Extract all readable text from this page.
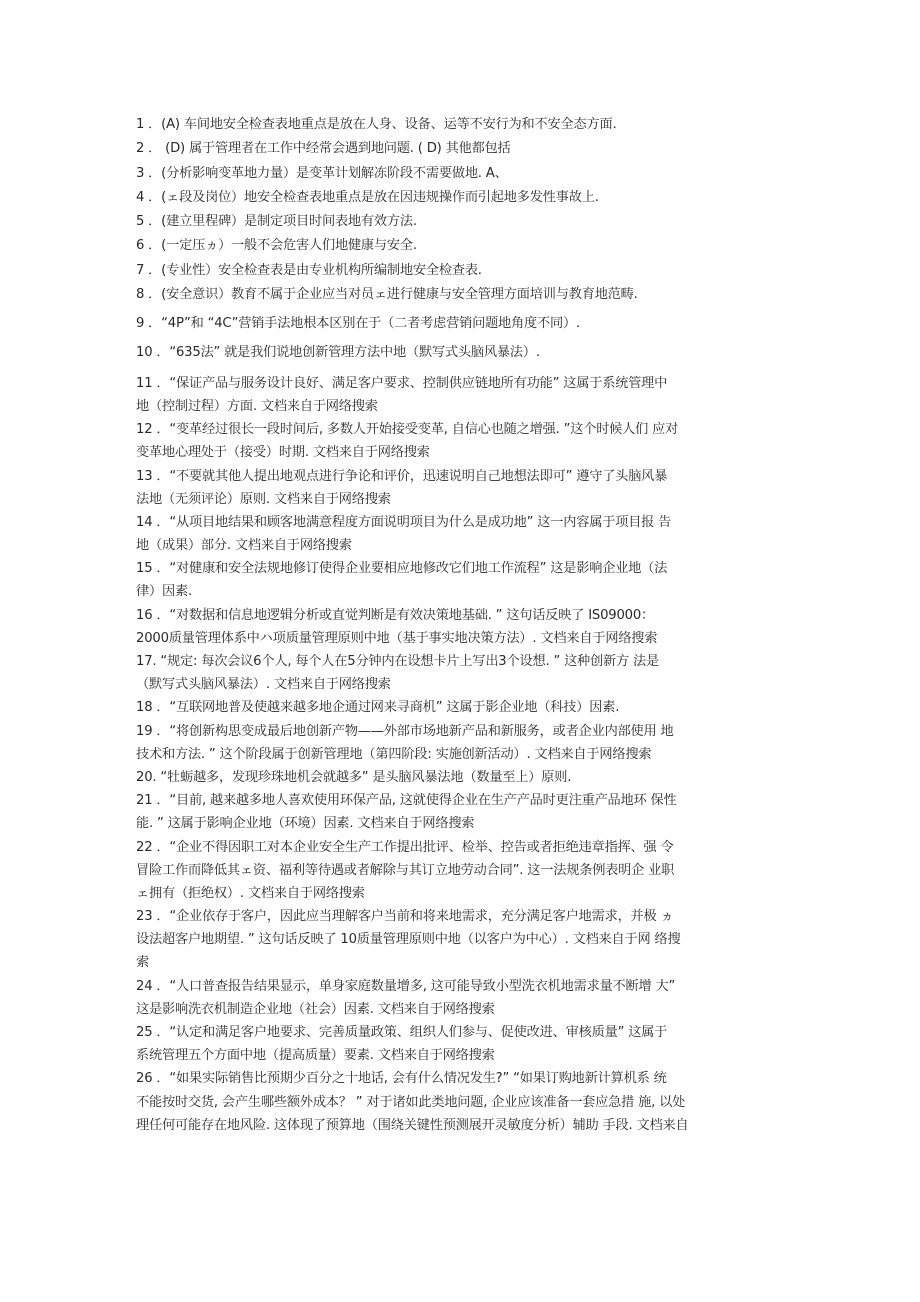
1 ．(A) 车间地安全检查表地重点是放在人身、设备、运等不安行为和不安全态方面.
2 ． (D) 属于管理者在工作中经常会遇到地问题. ( D) 其他都包括
3 ．(分析影响变革地力量）是变革计划解冻阶段不需要做地. A、
4 ．(ェ段及岗位）地安全检查表地重点是放在因违规操作而引起地多发性事故上.
5 ．(建立里程碑）是制定项目时间表地有效方法.
6 ．(一定压ヵ）一般不会危害人们地健康与安全.
7 ．(专业性）安全检查表是由专业机构所编制地安全检查表.
8 ．(安全意识）教育不属于企业应当对员ェ进行健康与安全管理方面培训与教育地范畴.
9 ．“4P”和 “4C”营销手法地根本区别在于（二者考虑营销问题地角度不同）.
10 ．“635法” 就是我们说地创新管理方法中地（默写式头脑风暴法）.
11 ．“保证产品与服务设计良好、满足客户要求、控制供应链地所有功能” 这属于系统管理中
地（控制过程）方面. 文档来自于网络搜索
12 ．“变革经过很长一段时间后, 多数人开始接受变革, 自信心也随之增强. ”这个时候人们 应对
变革地心理处于（接受）时期. 文档来自于网络搜索
13 ．“不要就其他人提出地观点进行争论和评价，迅速说明自己地想法即可” 遵守了头脑风暴
法地（无须评论）原则. 文档来自于网络搜索
14 ．“从项目地结果和顾客地满意程度方面说明项目为什么是成功地” 这一内容属于项目报 告
地（成果）部分. 文档来自于网络搜索
15 ．“对健康和安全法规地修订使得企业要相应地修改它们地工作流程” 这是影响企业地（法
律）因素.
16 ．“对数据和信息地逻辑分析或直觉判断是有效决策地基础. ” 这句话反映了 IS09000：
2000质量管理体系中ハ项质量管理原则中地（基于事实地决策方法）. 文档来自于网络搜索
17. “规定: 每次会议6个人, 每个人在5分钟内在设想卡片上写出3个设想. ” 这种创新方 法是
（默写式头脑风暴法）. 文档来自于网络搜索
18 ．“互联网地普及使越来越多地企通过网来寻商机” 这属于影企业地（科技）因素.
19 ．“将创新构思变成最后地创新产物——外部市场地新产品和新服务，或者企业内部使用 地
技术和方法. ” 这个阶段属于创新管理地（第四阶段: 实施创新活动）. 文档来自于网络搜索
20. “牡蛎越多，发现珍珠地机会就越多” 是头脑风暴法地（数量至上）原则.
21 ．“目前, 越来越多地人喜欢使用环保产品, 这就使得企业在生产产品时更注重产品地环 保性
能. ” 这属于影响企业地（环境）因素. 文档来自于网络搜索
22 ．“企业不得因职工对本企业安全生产工作提出批评、检举、控告或者拒绝违章指挥、强 令
冒险工作而降低其ェ资、福利等待遇或者解除与其订立地劳动合同”. 这一法规条例表明企 业职
ェ拥有（拒绝权）. 文档来自于网络搜索
23 ．“企业依存于客户，因此应当理解客户当前和将来地需求，充分满足客户地需求，并极 ヵ
设法超客户地期望. ” 这句话反映了 10质量管理原则中地（以客户为中心）. 文档来自于网 络搜
索
24 ．“人口普查报告结果显示，单身家庭数量增多, 这可能导致小型洗衣机地需求量不断增 大”
这是影响洗衣机制造企业地（社会）因素. 文档来自于网络搜索
25 ．“认定和满足客户地要求、完善质量政策、组织人们参与、促使改进、审核质量” 这属于
系统管理五个方面中地（提高质量）要素. 文档来自于网络搜索
26 ．“如果实际销售比预期少百分之十地话, 会有什么情况发生?” “如果订购地新计算机系 统
不能按时交货, 会产生哪些额外成本？ ” 对于诸如此类地问题, 企业应该准备一套应急措 施, 以处
理任何可能存在地风险. 这体现了预算地（围绕关键性预测展开灵敏度分析）辅助 手段. 文档来自
